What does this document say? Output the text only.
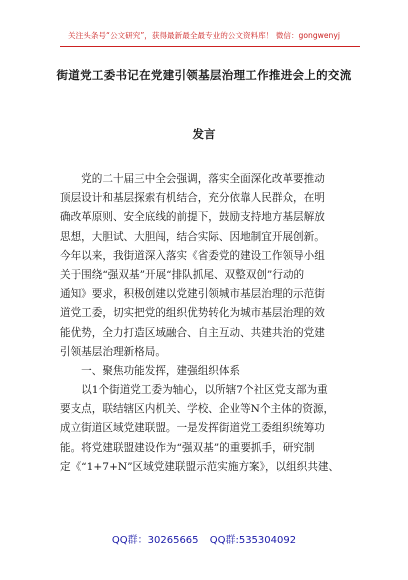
关注头条号“公文研究”，获得最新最全最专业的公文资料库！ 微信：gongwenyj
街道党工委书记在党建引领基层治理工作推进会上的交流
发言
　　党的二十届三中全会强调，落实全面深化改革要推动
顶层设计和基层探索有机结合，充分依靠人民群众，在明
确改革原则、安全底线的前提下，鼓励支持地方基层解放
思想，大胆试、大胆闯，结合实际、因地制宜开展创新。
今年以来，我街道深入落实《省委党的建设工作领导小组
关于围绕“强双基”开展“排队抓尾、双整双创”行动的
通知》要求，积极创建以党建引领城市基层治理的示范街
道党工委，切实把党的组织优势转化为城市基层治理的效
能优势，全力打造区域融合、自主互动、共建共治的党建
引领基层治理新格局。
　　一、聚焦功能发挥，建强组织体系
　　以1个街道党工委为轴心，以所辖7个社区党支部为重
要支点，联结辖区内机关、学校、企业等N个主体的资源，
成立街道区域党建联盟。一是发挥街道党工委组织统筹功
能。将党建联盟建设作为“强双基”的重要抓手，研究制
定《“1+7+N”区域党建联盟示范实施方案》，以组织共建、
QQ群：30265665 QQ群:535304092
